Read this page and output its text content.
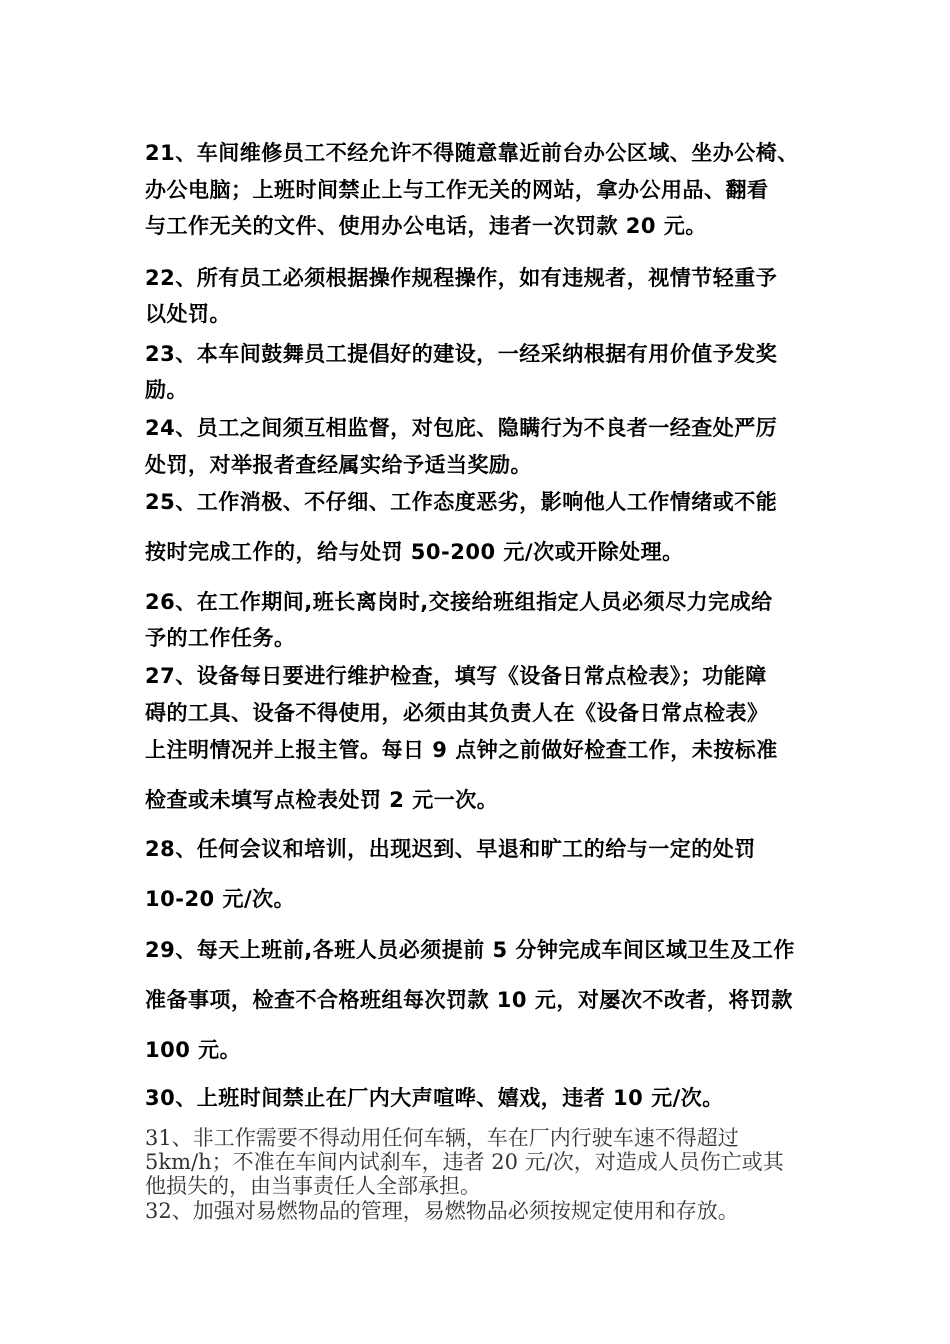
21、车间维修员工不经允许不得随意靠近前台办公区域、坐办公椅、
办公电脑；上班时间禁止上与工作无关的网站，拿办公用品、翻看
与工作无关的文件、使用办公电话，违者一次罚款 20 元。
22、所有员工必须根据操作规程操作，如有违规者，视情节轻重予
以处罚。
23、本车间鼓舞员工提倡好的建设，一经采纳根据有用价值予发奖
励。
24、员工之间须互相监督，对包庇、隐瞒行为不良者一经查处严厉
处罚，对举报者查经属实给予适当奖励。
25、工作消极、不仔细、工作态度恶劣，影响他人工作情绪或不能
按时完成工作的，给与处罚 50-200 元/次或开除处理。
26、在工作期间,班长离岗时,交接给班组指定人员必须尽力完成给
予的工作任务。
27、设备每日要进行维护检查，填写《设备日常点检表》；功能障
碍的工具、设备不得使用，必须由其负责人在《设备日常点检表》
上注明情况并上报主管。每日 9 点钟之前做好检查工作，未按标准
检查或未填写点检表处罚 2 元一次。
28、任何会议和培训，出现迟到、早退和旷工的给与一定的处罚
10-20 元/次。
29、每天上班前,各班人员必须提前 5 分钟完成车间区域卫生及工作
准备事项，检查不合格班组每次罚款 10 元，对屡次不改者，将罚款
100 元。
30、上班时间禁止在厂内大声喧哗、嬉戏，违者 10 元/次。
31、非工作需要不得动用任何车辆，车在厂内行驶车速不得超过
5km/h；不准在车间内试刹车，违者 20 元/次，对造成人员伤亡或其
他损失的，由当事责任人全部承担。
32、加强对易燃物品的管理，易燃物品必须按规定使用和存放。
